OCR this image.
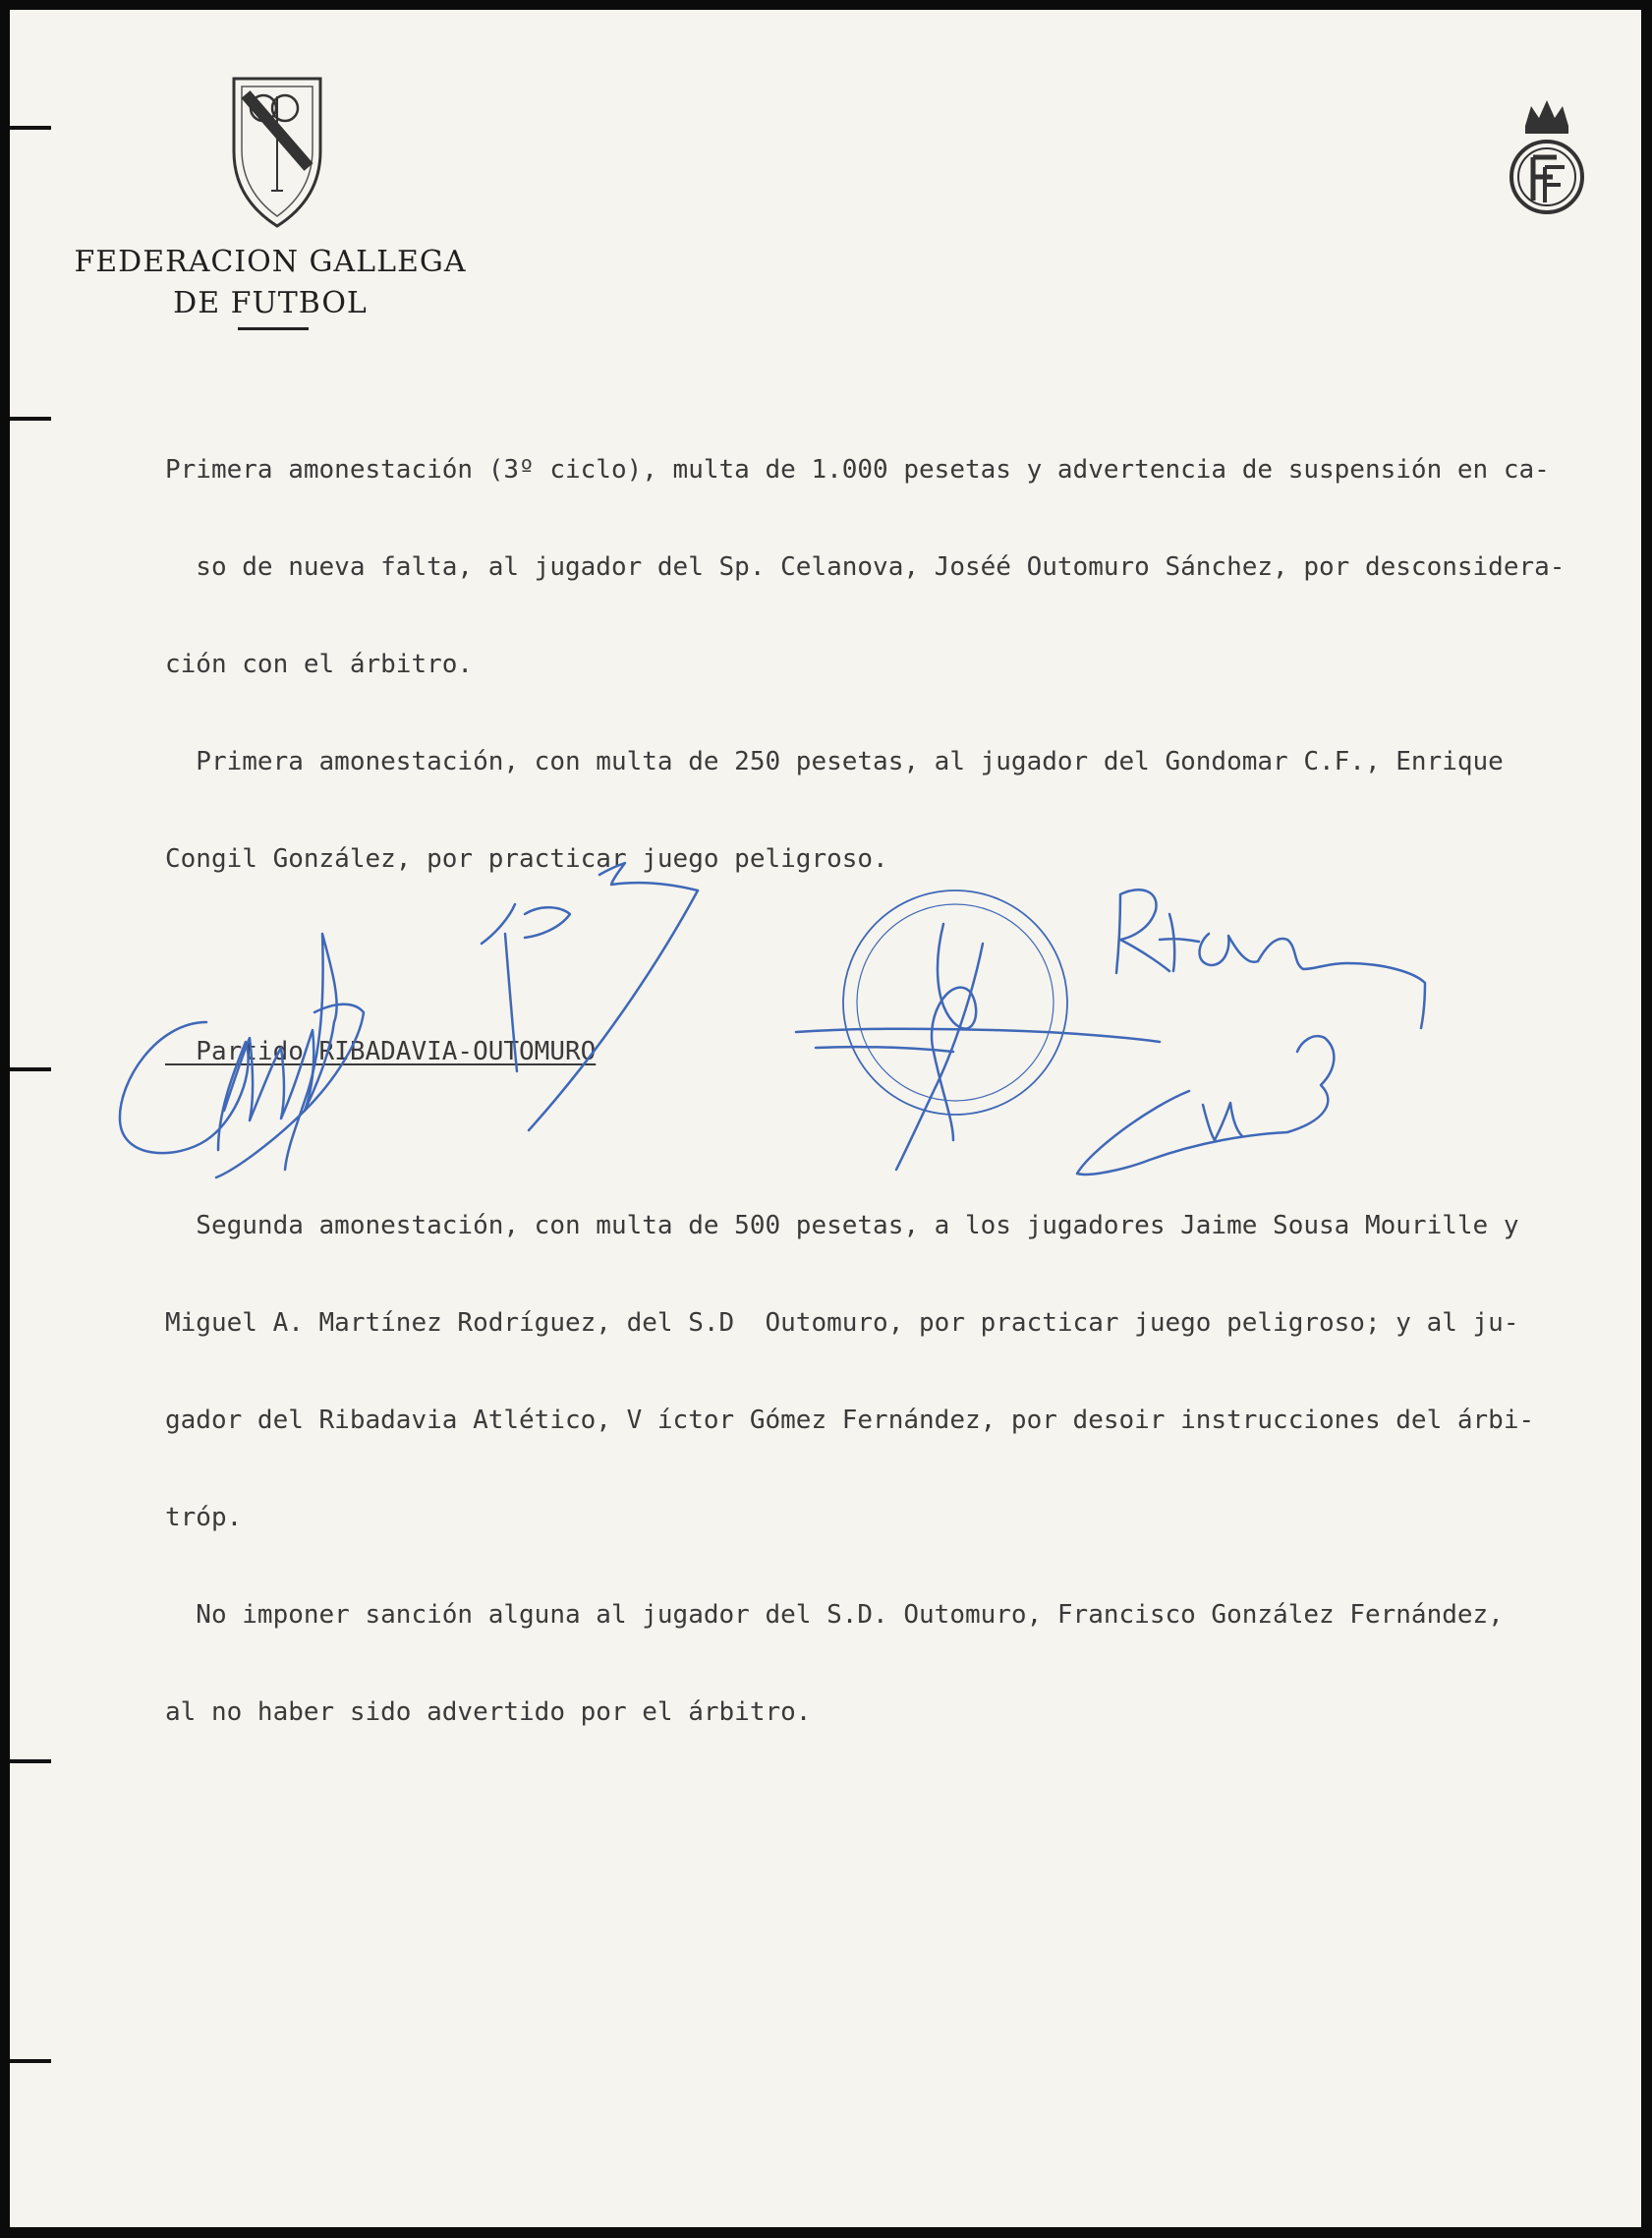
FEDERACION GALLEGA
DE FUTBOL

Primera amonestación (3º ciclo), multa de 1.000 pesetas y advertencia de suspensión en ca-

so de nueva falta, al jugador del Sp. Celanova, Joséé Outomuro Sánchez, por desconsidera-

ción con el árbitro.

Primera amonestación, con multa de 250 pesetas, al jugador del Gondomar C.F., Enrique

Congil González, por practicar juego peligroso.

Partido RIBADAVIA-OUTOMURO

Segunda amonestación, con multa de 500 pesetas, a los jugadores Jaime Sousa Mourille y

Miguel A. Martínez Rodríguez, del S.D  Outomuro, por practicar juego peligroso; y al ju-

gador del Ribadavia Atlético, V íctor Gómez Fernández, por desoir instrucciones del árbi-

tróp.

No imponer sanción alguna al jugador del S.D. Outomuro, Francisco González Fernández,

al no haber sido advertido por el árbitro.
